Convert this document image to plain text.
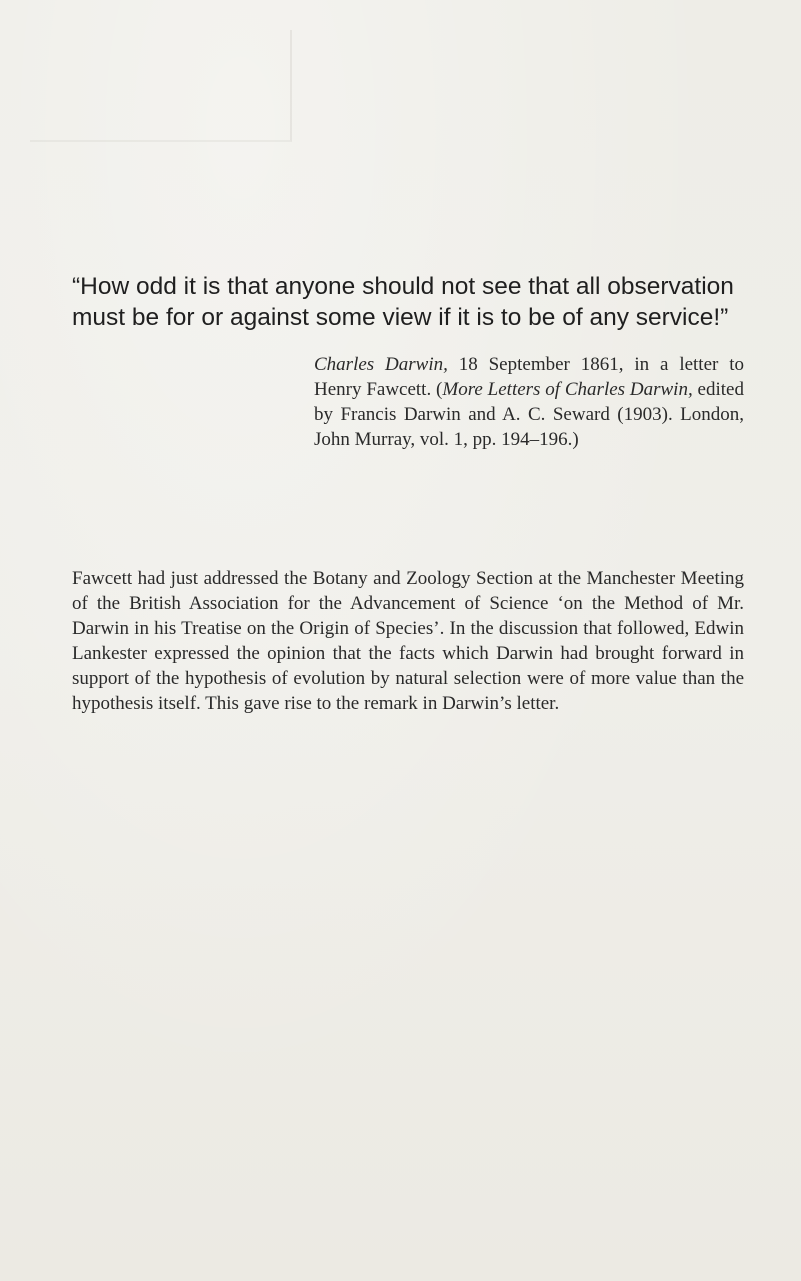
“How odd it is that anyone should not see that all observation must be for or against some view if it is to be of any service!”

Charles Darwin, 18 September 1861, in a letter to Henry Fawcett. (More Letters of Charles Darwin, edited by Francis Darwin and A. C. Seward (1903). London, John Murray, vol. 1, pp. 194–196.)

Fawcett had just addressed the Botany and Zoology Section at the Manchester Meeting of the British Association for the Advancement of Science ‘on the Method of Mr. Darwin in his Treatise on the Origin of Species’. In the discussion that followed, Edwin Lankester expressed the opinion that the facts which Darwin had brought forward in support of the hypothesis of evolution by natural selection were of more value than the hypothesis itself. This gave rise to the remark in Darwin’s letter.
